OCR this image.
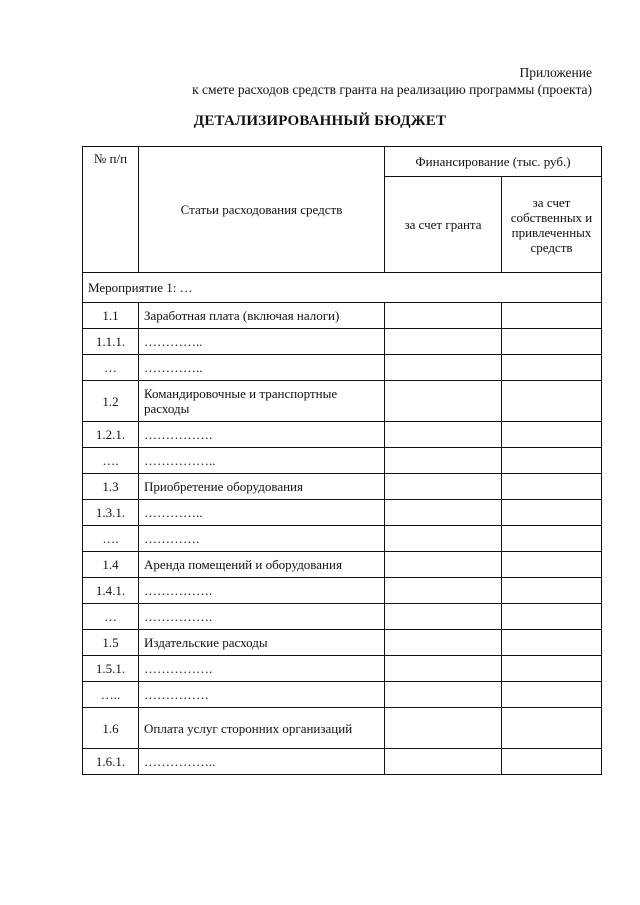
Приложение
к смете расходов средств гранта на реализацию программы (проекта)
ДЕТАЛИЗИРОВАННЫЙ БЮДЖЕТ
№ п/п	Статьи расходования средств	Финансирование (тыс. руб.)	
		за счет гранта	за счет собственных и привлеченных средств
Мероприятие 1: …			
1.1	Заработная плата (включая налоги)		
1.1.1.	…………..		
…	…………..		
1.2	Командировочные и транспортные расходы		
1.2.1.	…………….		
….	……………..		
1.3	Приобретение оборудования		
1.3.1.	…………..		
….	………….		
1.4	Аренда помещений и оборудования		
1.4.1.	…………….		
…	…………….		
1.5	Издательские расходы		
1.5.1.	…………….		
…..	……………		
1.6	Оплата услуг сторонних организаций		
1.6.1.	……………..		
